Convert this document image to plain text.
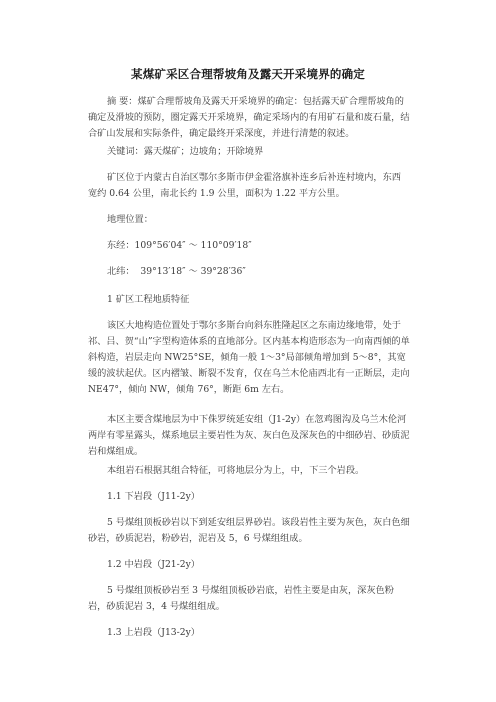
某煤矿采区合理帮坡角及露天开采境界的确定

摘 要：煤矿合理帮坡角及露天开采境界的确定：包括露天矿合理帮坡角的确定及滑坡的预防，圈定露天开采境界，确定采场内的有用矿石量和废石量，结合矿山发展和实际条件，确定最终开采深度，并进行清楚的叙述。

关键词：露天煤矿；边坡角；开除境界

矿区位于内蒙古自治区鄂尔多斯市伊金霍洛旗补连乡后补连村境内，东西宽约 0.64 公里，南北长约 1.9 公里，面积为 1.22 平方公里。

地理位置：
东经：109°56′04″ ～ 110°09′18″
北纬：  39°13′18″ ～ 39°28′36″
1 矿区工程地质特征

该区大地构造位置处于鄂尔多斯台向斜东胜隆起区之东南边缘地带，处于祁、吕、贺“山”字型构造体系的直地部分。区内基本构造形态为一向南西倾的单斜构造，岩层走向 NW25°SE，倾角一般 1～3°局部倾角增加到 5～8°，其宽缓的波状起伏。区内褶皱、断裂不发育，仅在乌兰木伦庙西北有一正断层，走向 NE47°，倾向 NW，倾角 76°，断距 6m 左右。

本区主要含煤地层为中下侏罗统延安组（J1-2y）在忽鸡图沟及乌兰木伦河两岸有零星露头，煤系地层主要岩性为灰、灰白色及深灰色的中细砂岩、砂质泥岩和煤组成。

本组岩石根据其组合特征，可将地层分为上，中，下三个岩段。

1.1 下岩段（J11-2y）

5 号煤组顶板砂岩以下到延安组层界砂岩。该段岩性主要为灰色，灰白色细砂岩，砂质泥岩，粉砂岩，泥岩及 5，6 号煤组组成。

1.2 中岩段（J21-2y）

5 号煤组顶板砂岩至 3 号煤组顶板砂岩底，岩性主要是由灰，深灰色粉岩，砂质泥岩 3，4 号煤组组成。

1.3 上岩段（J13-2y）
